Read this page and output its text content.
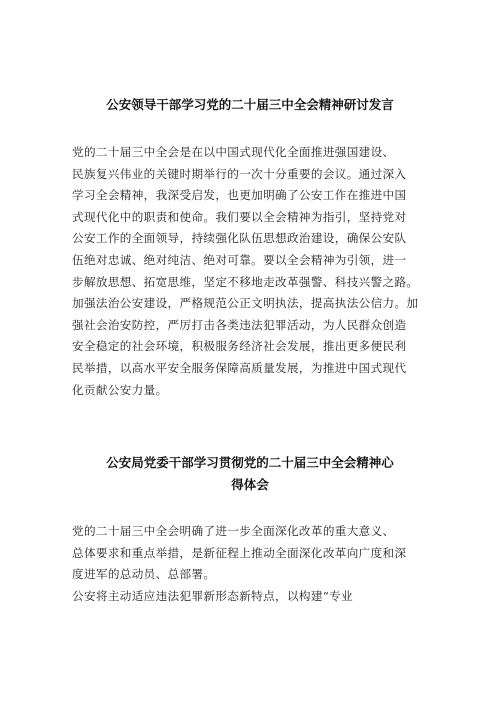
公安领导干部学习党的二十届三中全会精神研讨发言
党的二十届三中全会是在以中国式现代化全面推进强国建设、
民族复兴伟业的关键时期举行的一次十分重要的会议。通过深入
学习全会精神，我深受启发，也更加明确了公安工作在推进中国
式现代化中的职责和使命。我们要以全会精神为指引，坚持党对
公安工作的全面领导，持续强化队伍思想政治建设，确保公安队
伍绝对忠诚、绝对纯洁、绝对可靠。要以全会精神为引领，进一
步解放思想、拓宽思维，坚定不移地走改革强警、科技兴警之路。
加强法治公安建设，严格规范公正文明执法，提高执法公信力。加
强社会治安防控，严厉打击各类违法犯罪活动，为人民群众创造
安全稳定的社会环境，积极服务经济社会发展，推出更多便民利
民举措，以高水平安全服务保障高质量发展，为推进中国式现代
化贡献公安力量。
公安局党委干部学习贯彻党的二十届三中全会精神心
得体会
党的二十届三中全会明确了进一步全面深化改革的重大意义、
总体要求和重点举措，是新征程上推动全面深化改革向广度和深
度进军的总动员、总部署。
公安将主动适应违法犯罪新形态新特点，以构建“专业
